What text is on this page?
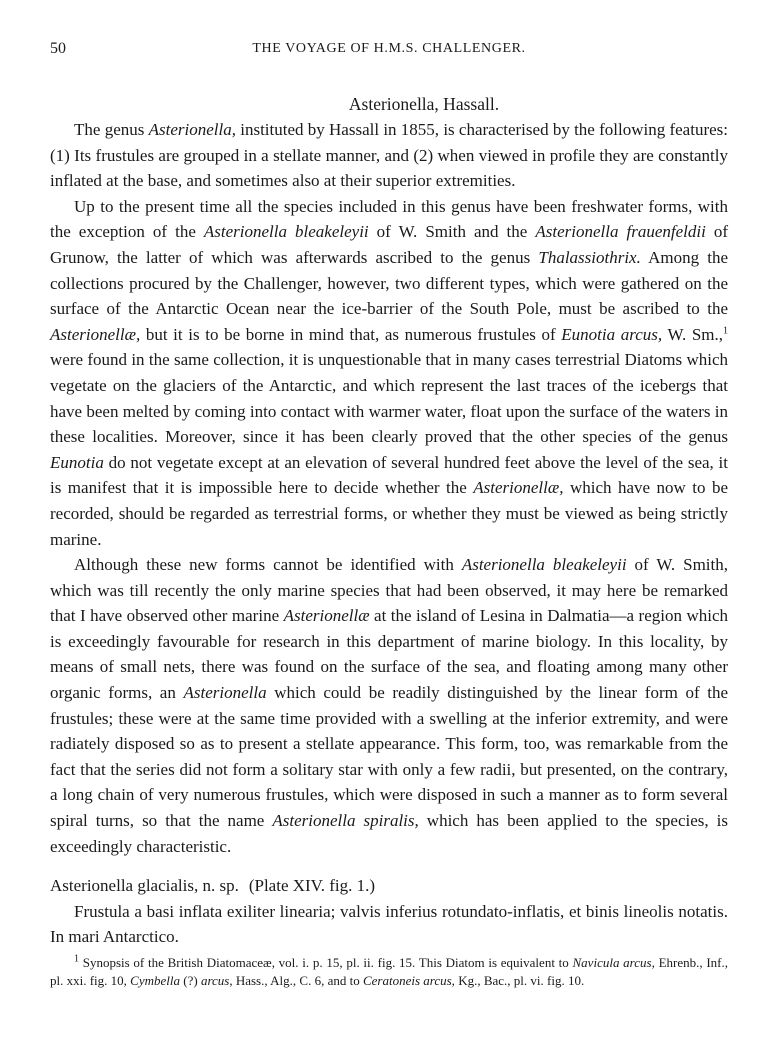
50	THE VOYAGE OF H.M.S. CHALLENGER.
Asterionella, Hassall.

The genus Asterionella, instituted by Hassall in 1855, is characterised by the following features: (1) Its frustules are grouped in a stellate manner, and (2) when viewed in profile they are constantly inflated at the base, and sometimes also at their superior extremities.

Up to the present time all the species included in this genus have been freshwater forms, with the exception of the Asterionella bleakeleyii of W. Smith and the Asterionella frauenfeldii of Grunow, the latter of which was afterwards ascribed to the genus Thalassiothrix. Among the collections procured by the Challenger, however, two different types, which were gathered on the surface of the Antarctic Ocean near the ice-barrier of the South Pole, must be ascribed to the Asterionellæ, but it is to be borne in mind that, as numerous frustules of Eunotia arcus, W. Sm.,$^1$ were found in the same collection, it is unquestionable that in many cases terrestrial Diatoms which vegetate on the glaciers of the Antarctic, and which represent the last traces of the icebergs that have been melted by coming into contact with warmer water, float upon the surface of the waters in these localities. Moreover, since it has been clearly proved that the other species of the genus Eunotia do not vegetate except at an elevation of several hundred feet above the level of the sea, it is manifest that it is impossible here to decide whether the Asterionellæ, which have now to be recorded, should be regarded as terrestrial forms, or whether they must be viewed as being strictly marine.

Although these new forms cannot be identified with Asterionella bleakeleyii of W. Smith, which was till recently the only marine species that had been observed, it may here be remarked that I have observed other marine Asterionellæ at the island of Lesina in Dalmatia—a region which is exceedingly favourable for research in this department of marine biology. In this locality, by means of small nets, there was found on the surface of the sea, and floating among many other organic forms, an Asterionella which could be readily distinguished by the linear form of the frustules; these were at the same time provided with a swelling at the inferior extremity, and were radiately disposed so as to present a stellate appearance. This form, too, was remarkable from the fact that the series did not form a solitary star with only a few radii, but presented, on the contrary, a long chain of very numerous frustules, which were disposed in such a manner as to form several spiral turns, so that the name Asterionella spiralis, which has been applied to the species, is exceedingly characteristic.

Asterionella glacialis, n. sp. (Plate XIV. fig. 1.)

Frustula a basi inflata exiliter linearia; valvis inferius rotundato-inflatis, et binis lineolis notatis. In mari Antarctico.

$^1$ Synopsis of the British Diatomaceæ, vol. i. p. 15, pl. ii. fig. 15. This Diatom is equivalent to Navicula arcus, Ehrenb., Inf., pl. xxi. fig. 10, Cymbella (?) arcus, Hass., Alg., C. 6, and to Ceratoneis arcus, Kg., Bac., pl. vi. fig. 10.
